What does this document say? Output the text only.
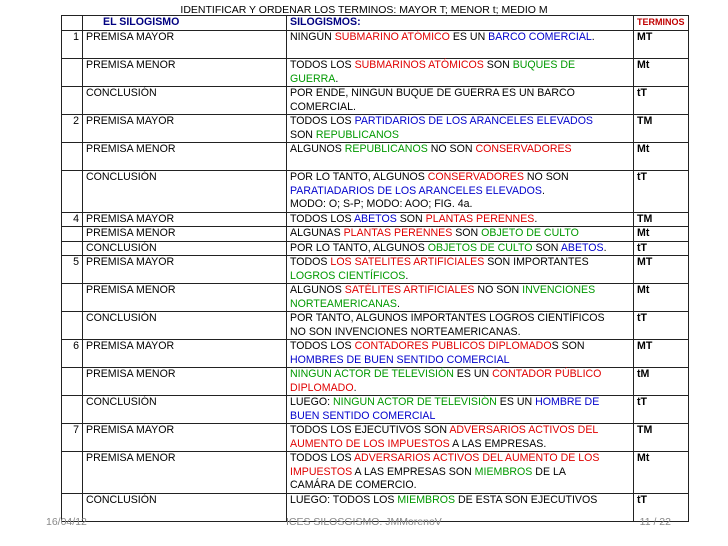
IDENTIFICAR Y ORDENAR LOS TERMINOS: MAYOR T; MENOR t; MEDIO M
	EL SILOGISMO	SILOGISMOS:	TERMINOS
1	PREMISA MAYOR	NINGÚN SUBMARINO ATÓMICO ES UN BARCO COMERCIAL.	MT
	PREMISA MENOR	TODOS LOS SUBMARINOS ATÓMICOS SON BUQUES DE
GUERRA.	Mt
	CONCLUSIÓN	POR ENDE, NINGUN BUQUE DE GUERRA ES UN BARCO
COMERCIAL.	tT
2	PREMISA MAYOR	TODOS LOS PARTIDARIOS DE LOS ARANCELES ELEVADOS
SON REPUBLICANOS	TM
	PREMISA MENOR	ALGUNOS REPUBLICANOS NO SON CONSERVADORES	Mt
	CONCLUSIÓN	POR LO TANTO, ALGUNOS CONSERVADORES NO SON
PARATIADARIOS DE LOS ARANCELES ELEVADOS.
MODO: O; S-P; MODO: AOO; FIG. 4a.	tT
4	PREMISA MAYOR	TODOS LOS ABETOS SON PLANTAS PERENNES.	TM
	PREMISA MENOR	ALGUNAS PLANTAS PERENNES SON OBJETO DE CULTO	Mt
	CONCLUSIÓN	POR LO TANTO, ALGUNOS OBJETOS DE CULTO SON ABETOS.	tT
5	PREMISA MAYOR	TODOS LOS SATELITES ARTIFICIALES SON IMPORTANTES
LOGROS CIENTÍFICOS.	MT
	PREMISA MENOR	ALGUNOS SATÉLITES ARTIFICIALES NO SON INVENCIONES
NORTEAMERICANAS.	Mt
	CONCLUSIÓN	POR TANTO, ALGUNOS IMPORTANTES LOGROS CIENTÍFICOS
NO SON INVENCIONES NORTEAMERICANAS.	tT
6	PREMISA MAYOR	TODOS LOS CONTADORES PUBLICOS DIPLOMADOS SON
HOMBRES DE BUEN SENTIDO COMERCIAL	MT
	PREMISA MENOR	NINGUN ACTOR DE TELEVISIÓN ES UN CONTADOR PÚBLICO
DIPLOMADO.	tM
	CONCLUSIÓN	LUEGO: NINGUN ACTOR DE TELEVISIÓN ES UN HOMBRE DE
BUEN SENTIDO COMERCIAL	tT
7	PREMISA MAYOR	TODOS LOS EJECUTIVOS SON ADVERSARIOS ACTIVOS DEL
AUMENTO DE LOS IMPUESTOS A LAS EMPRESAS.	TM
	PREMISA MENOR	TODOS LOS ADVERSARIOS ACTIVOS DEL AUMENTO DE LOS
IMPUESTOS A LAS EMPRESAS SON MIEMBROS DE LA
CAMÁRA DE COMERCIO.	Mt
	CONCLUSIÓN	LUEGO: TODOS LOS MIEMBROS DE ESTA SON EJECUTIVOS	tT
16/04/12	ICES SILOSGISMO. JMMorenoV	11 / 22
